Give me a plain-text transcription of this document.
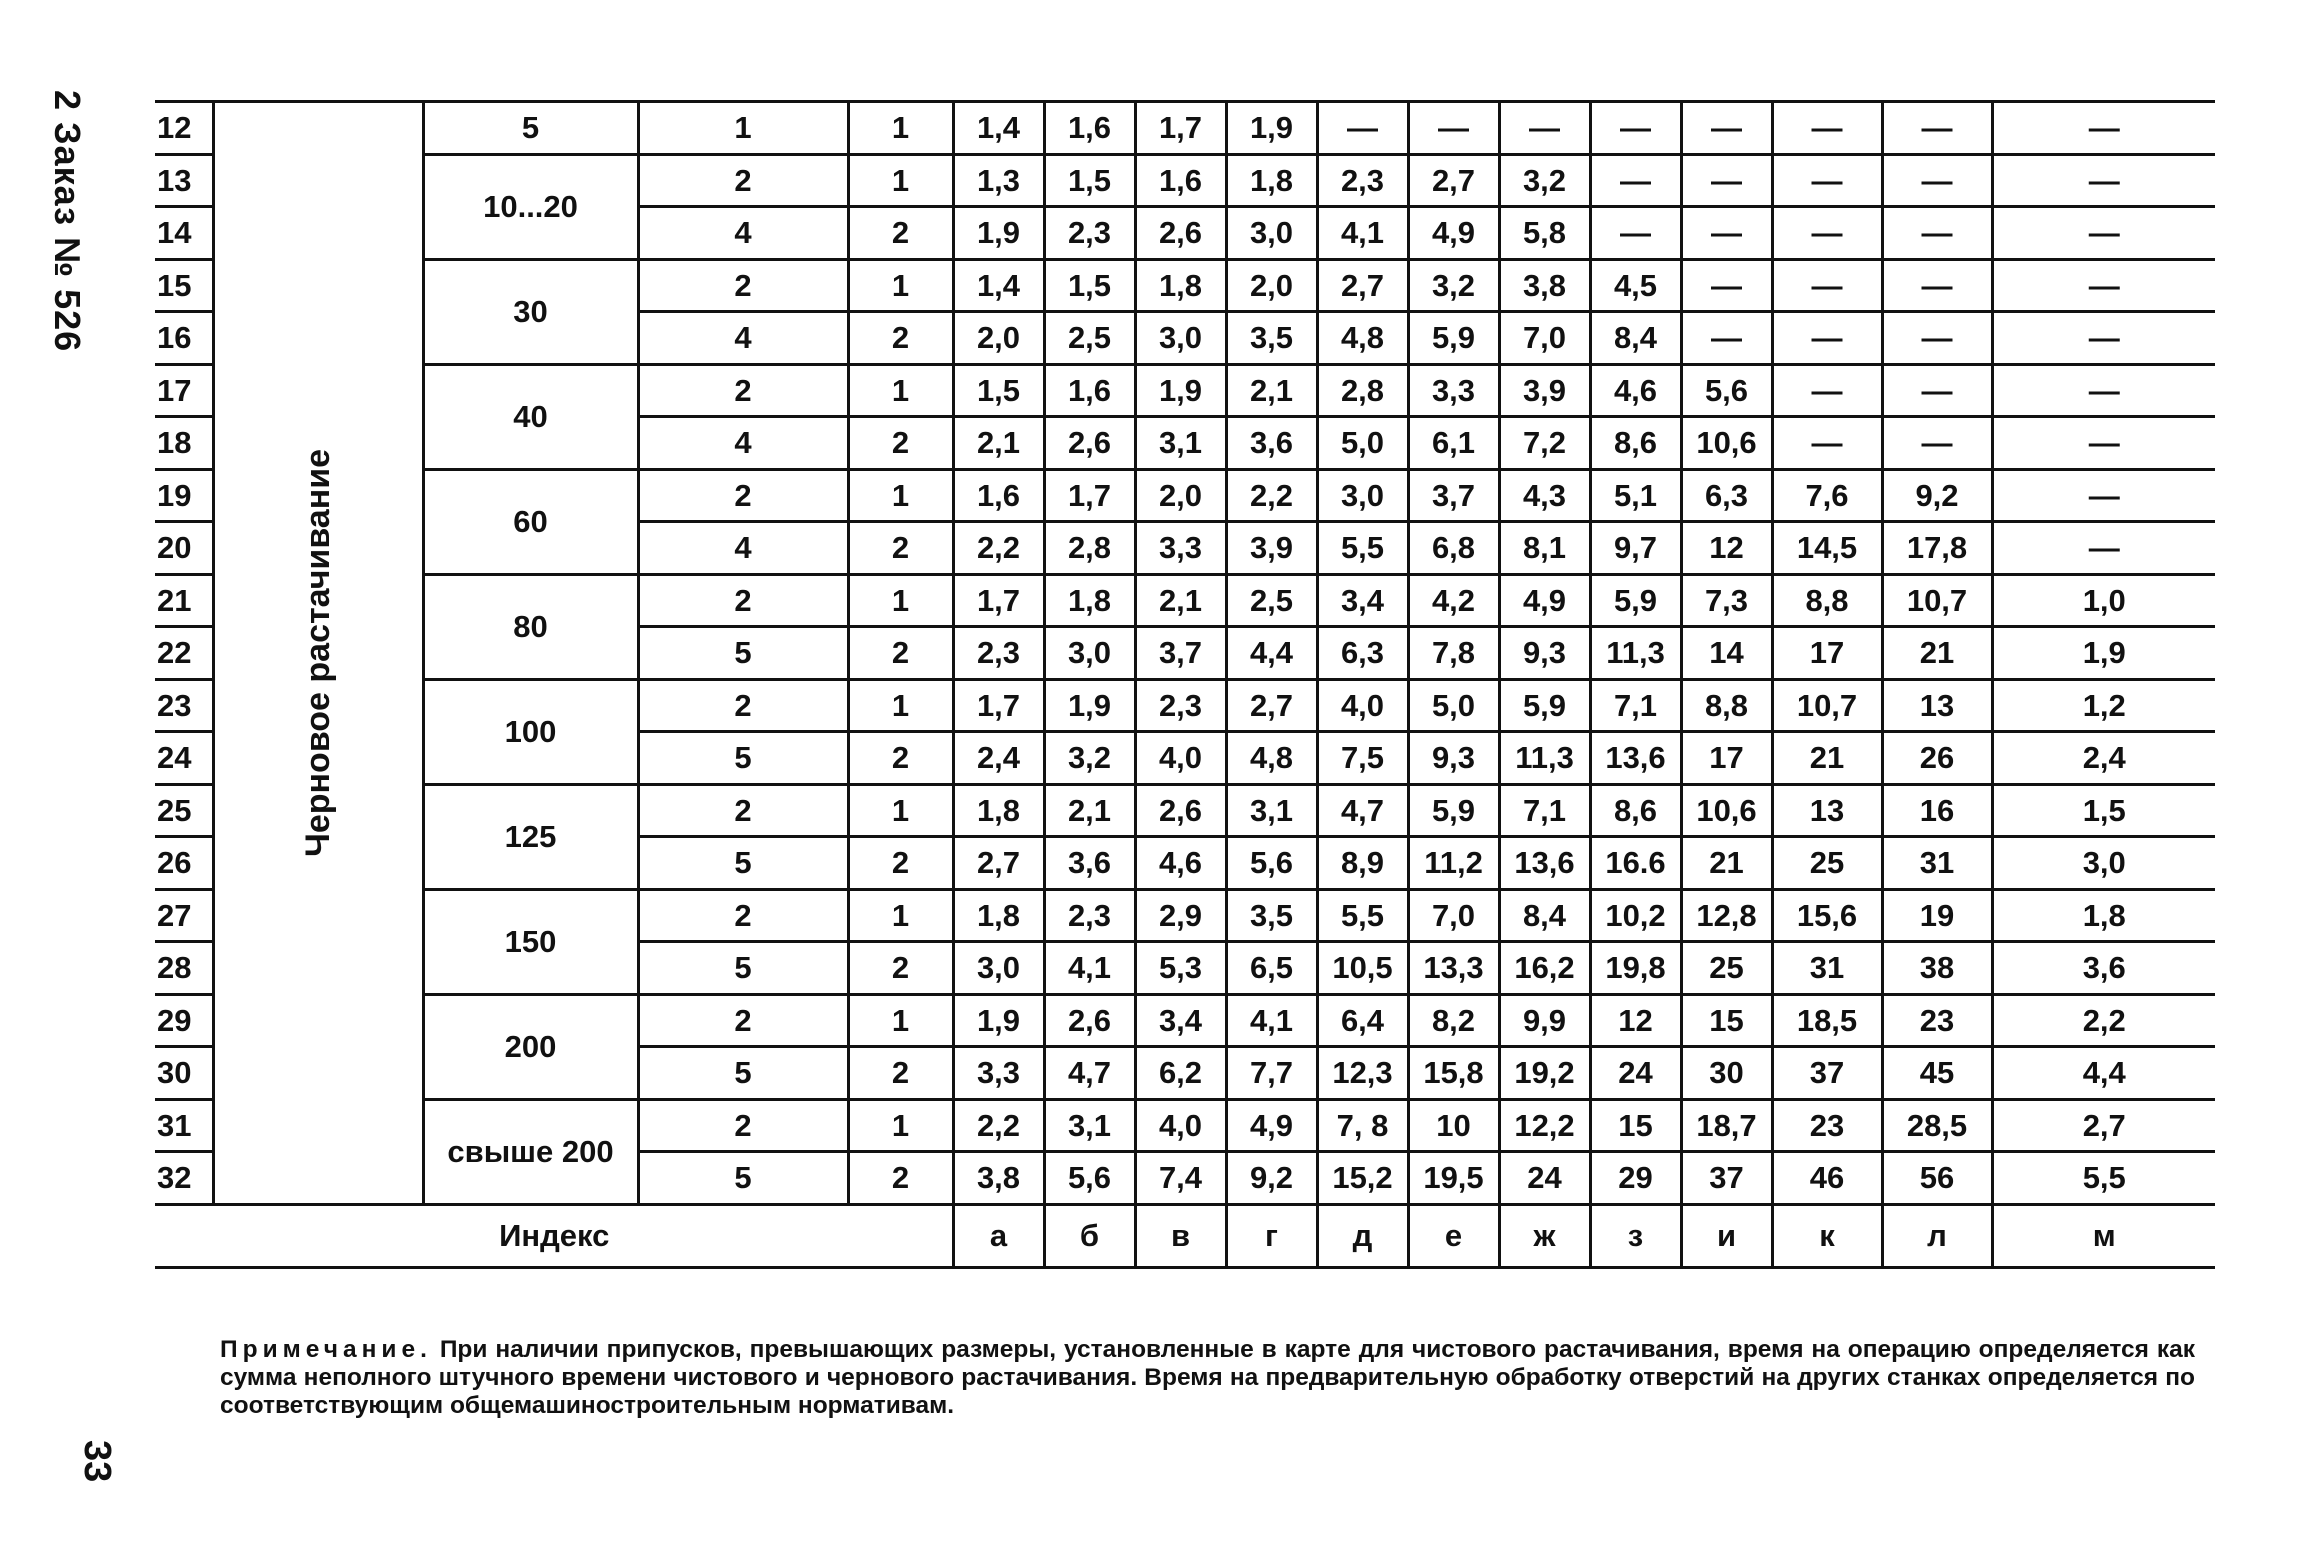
2 Заказ № 526
33
12	Черновое растачивание	5	1	1	1,4	1,6	1,7	1,9	—	—	—	—	—	—	—	—
13		10...20	2	1	1,3	1,5	1,6	1,8	2,3	2,7	3,2	—	—	—	—	—
14			4	2	1,9	2,3	2,6	3,0	4,1	4,9	5,8	—	—	—	—	—
15		30	2	1	1,4	1,5	1,8	2,0	2,7	3,2	3,8	4,5	—	—	—	—
16			4	2	2,0	2,5	3,0	3,5	4,8	5,9	7,0	8,4	—	—	—	—
17		40	2	1	1,5	1,6	1,9	2,1	2,8	3,3	3,9	4,6	5,6	—	—	—
18			4	2	2,1	2,6	3,1	3,6	5,0	6,1	7,2	8,6	10,6	—	—	—
19		60	2	1	1,6	1,7	2,0	2,2	3,0	3,7	4,3	5,1	6,3	7,6	9,2	—
20			4	2	2,2	2,8	3,3	3,9	5,5	6,8	8,1	9,7	12	14,5	17,8	—
21		80	2	1	1,7	1,8	2,1	2,5	3,4	4,2	4,9	5,9	7,3	8,8	10,7	1,0
22			5	2	2,3	3,0	3,7	4,4	6,3	7,8	9,3	11,3	14	17	21	1,9
23		100	2	1	1,7	1,9	2,3	2,7	4,0	5,0	5,9	7,1	8,8	10,7	13	1,2
24			5	2	2,4	3,2	4,0	4,8	7,5	9,3	11,3	13,6	17	21	26	2,4
25		125	2	1	1,8	2,1	2,6	3,1	4,7	5,9	7,1	8,6	10,6	13	16	1,5
26			5	2	2,7	3,6	4,6	5,6	8,9	11,2	13,6	16.6	21	25	31	3,0
27		150	2	1	1,8	2,3	2,9	3,5	5,5	7,0	8,4	10,2	12,8	15,6	19	1,8
28			5	2	3,0	4,1	5,3	6,5	10,5	13,3	16,2	19,8	25	31	38	3,6
29		200	2	1	1,9	2,6	3,4	4,1	6,4	8,2	9,9	12	15	18,5	23	2,2
30			5	2	3,3	4,7	6,2	7,7	12,3	15,8	19,2	24	30	37	45	4,4
31		свыше 200	2	1	2,2	3,1	4,0	4,9	7, 8	10	12,2	15	18,7	23	28,5	2,7
32			5	2	3,8	5,6	7,4	9,2	15,2	19,5	24	29	37	46	56	5,5
Индекс					а	б	в	г	д	е	ж	з	и	к	л	м
Примечание. При наличии припусков, превышающих размеры, установленные в карте для чистового растачивания, время на операцию определяется как сумма неполного штучного времени чистового и чернового растачивания. Время на предварительную обработку отверстий на других станках определяется по соответствующим общемашиностроительным нормативам.
